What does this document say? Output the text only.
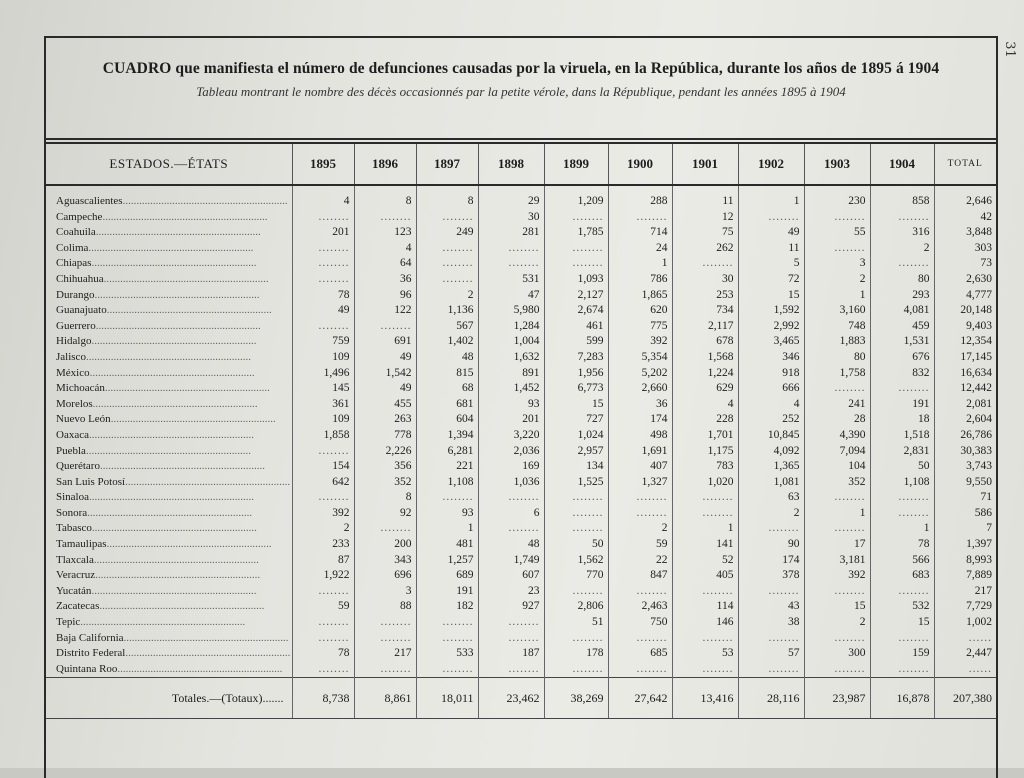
31
CUADRO que manifiesta el número de defunciones causadas por la viruela, en la República, durante los años de 1895 á 1904
Tableau montrant le nombre des décès occasionnés par la petite vérole, dans la République, pendant les années 1895 à 1904
ESTADOS.—ÉTATS	1895	1896	1897	1898	1899	1900	1901	1902	1903	1904	TOTAL
Aguascalientes............................................................	4	8	8	29	1,209	288	11	1	230	858	2,646
Campeche............................................................	........	........	........	30	........	........	12	........	........	........	42
Coahuila............................................................	201	123	249	281	1,785	714	75	49	55	316	3,848
Colima............................................................	........	4	........	........	........	24	262	11	........	2	303
Chiapas............................................................	........	64	........	........	........	1	........	5	3	........	73
Chihuahua............................................................	........	36	........	531	1,093	786	30	72	2	80	2,630
Durango............................................................	78	96	2	47	2,127	1,865	253	15	1	293	4,777
Guanajuato............................................................	49	122	1,136	5,980	2,674	620	734	1,592	3,160	4,081	20,148
Guerrero............................................................	........	........	567	1,284	461	775	2,117	2,992	748	459	9,403
Hidalgo............................................................	759	691	1,402	1,004	599	392	678	3,465	1,883	1,531	12,354
Jalisco............................................................	109	49	48	1,632	7,283	5,354	1,568	346	80	676	17,145
México............................................................	1,496	1,542	815	891	1,956	5,202	1,224	918	1,758	832	16,634
Michoacán............................................................	145	49	68	1,452	6,773	2,660	629	666	........	........	12,442
Morelos............................................................	361	455	681	93	15	36	4	4	241	191	2,081
Nuevo León............................................................	109	263	604	201	727	174	228	252	28	18	2,604
Oaxaca............................................................	1,858	778	1,394	3,220	1,024	498	1,701	10,845	4,390	1,518	26,786
Puebla............................................................	........	2,226	6,281	2,036	2,957	1,691	1,175	4,092	7,094	2,831	30,383
Querétaro............................................................	154	356	221	169	134	407	783	1,365	104	50	3,743
San Luis Potosí............................................................	642	352	1,108	1,036	1,525	1,327	1,020	1,081	352	1,108	9,550
Sinaloa............................................................	........	8	........	........	........	........	........	63	........	........	71
Sonora............................................................	392	92	93	6	........	........	........	2	1	........	586
Tabasco............................................................	2	........	1	........	........	2	1	........	........	1	7
Tamaulipas............................................................	233	200	481	48	50	59	141	90	17	78	1,397
Tlaxcala............................................................	87	343	1,257	1,749	1,562	22	52	174	3,181	566	8,993
Veracruz............................................................	1,922	696	689	607	770	847	405	378	392	683	7,889
Yucatán............................................................	........	3	191	23	........	........	........	........	........	........	217
Zacatecas............................................................	59	88	182	927	2,806	2,463	114	43	15	532	7,729
Tepic............................................................	........	........	........	........	51	750	146	38	2	15	1,002
Baja California............................................................	........	........	........	........	........	........	........	........	........	........	......
Distrito Federal............................................................	78	217	533	187	178	685	53	57	300	159	2,447
Quintana Roo............................................................	........	........	........	........	........	........	........	........	........	........	......
Totales.—(Totaux).......	8,738	8,861	18,011	23,462	38,269	27,642	13,416	28,116	23,987	16,878	207,380
